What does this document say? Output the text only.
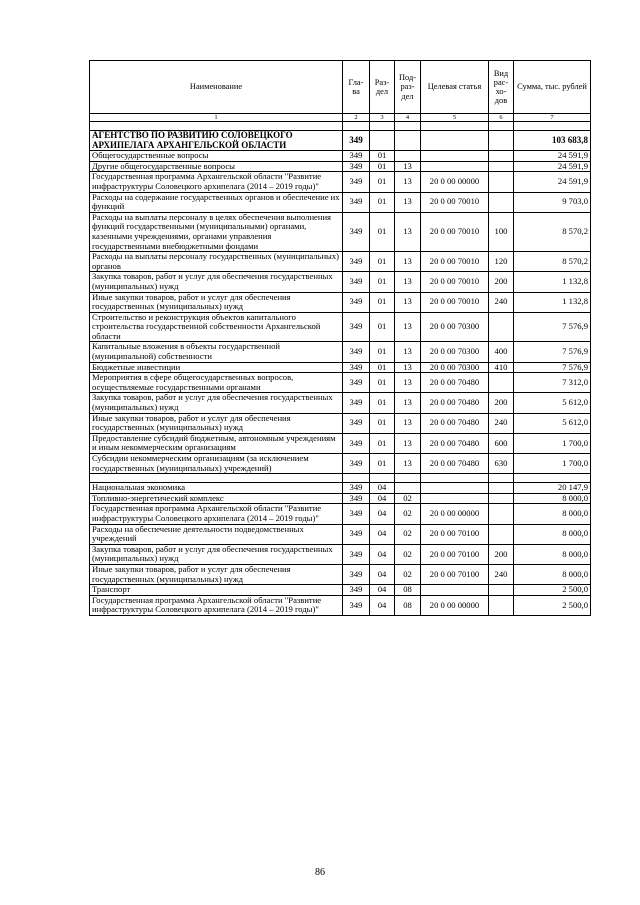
Наименование	Гла-ва	Раз-дел	Под-раз-дел	Целевая статья	Вид рас-хо-дов	Сумма, тыс. рублей
1	2	3	4	5	6	7

АГЕНТСТВО ПО РАЗВИТИЮ СОЛОВЕЦКОГО АРХИПЕЛАГА АРХАНГЕЛЬСКОЙ ОБЛАСТИ	349					103 683,8
Общегосударственные вопросы	349	01				24 591,9
Другие общегосударственные вопросы	349	01	13			24 591,9
Государственная программа Архангельской области "Развитие инфраструктуры Соловецкого архипелага (2014 – 2019 годы)"	349	01	13	20 0 00 00000		24 591,9
Расходы на содержание государственных органов и обеспечение их функций	349	01	13	20 0 00 70010		9 703,0
Расходы на выплаты персоналу в целях обеспечения выполнения функций государственными (муниципальными) органами, казенными учреждениями, органами управления государственными внебюджетными фондами	349	01	13	20 0 00 70010	100	8 570,2
Расходы на выплаты персоналу государственных (муниципальных) органов	349	01	13	20 0 00 70010	120	8 570,2
Закупка товаров, работ и услуг для обеспечения государственных (муниципальных) нужд	349	01	13	20 0 00 70010	200	1 132,8
Иные закупки товаров, работ и услуг для обеспечения государственных (муниципальных) нужд	349	01	13	20 0 00 70010	240	1 132,8
Строительство и реконструкция объектов капитального строительства государственной собственности Архангельской области	349	01	13	20 0 00 70300		7 576,9
Капитальные вложения в объекты государственной (муниципальной) собственности	349	01	13	20 0 00 70300	400	7 576,9
Бюджетные инвестиции	349	01	13	20 0 00 70300	410	7 576,9
Мероприятия в сфере общегосударственных вопросов, осуществляемые государственными органами	349	01	13	20 0 00 70480		7 312,0
Закупка товаров, работ и услуг для обеспечения государственных (муниципальных) нужд	349	01	13	20 0 00 70480	200	5 612,0
Иные закупки товаров, работ и услуг для обеспечения государственных (муниципальных) нужд	349	01	13	20 0 00 70480	240	5 612,0
Предоставление субсидий бюджетным, автономным учреждениям и иным некоммерческим организациям	349	01	13	20 0 00 70480	600	1 700,0
Субсидии некоммерческим организациям (за исключением государственных (муниципальных) учреждений)	349	01	13	20 0 00 70480	630	1 700,0

Национальная экономика	349	04				20 147,9
Топливно-энергетический комплекс	349	04	02			8 000,0
Государственная программа Архангельской области "Развитие инфраструктуры Соловецкого архипелага (2014 – 2019 годы)"	349	04	02	20 0 00 00000		8 000,0
Расходы на обеспечение деятельности подведомственных учреждений	349	04	02	20 0 00 70100		8 000,0
Закупка товаров, работ и услуг для обеспечения государственных (муниципальных) нужд	349	04	02	20 0 00 70100	200	8 000,0
Иные закупки товаров, работ и услуг для обеспечения государственных (муниципальных) нужд	349	04	02	20 0 00 70100	240	8 000,0
Транспорт	349	04	08			2 500,0
Государственная программа Архангельской области "Развитие инфраструктуры Соловецкого архипелага (2014 – 2019 годы)"	349	04	08	20 0 00 00000		2 500,0
86
